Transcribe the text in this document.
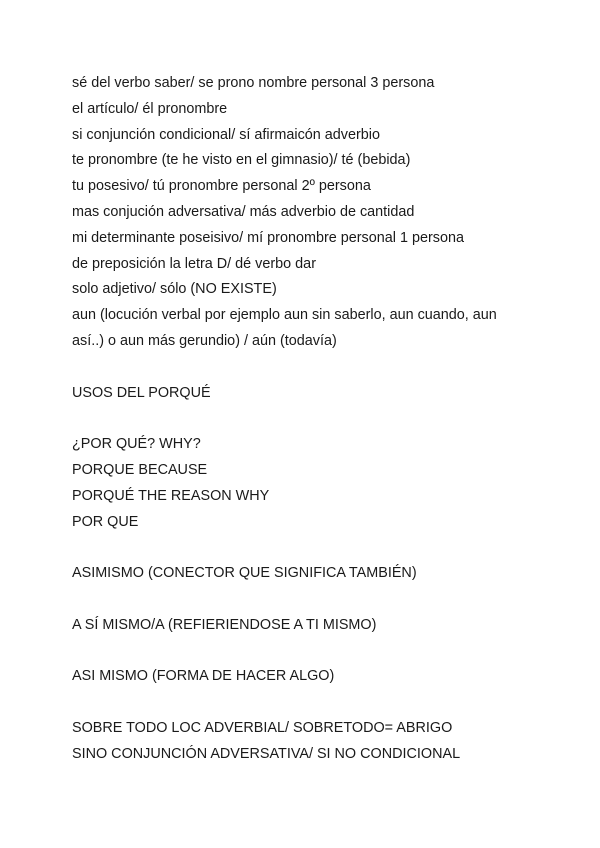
sé del verbo saber/ se prono nombre personal 3 persona
el artículo/ él pronombre
si conjunción condicional/ sí afirmaicón adverbio
te pronombre (te he visto en el gimnasio)/ té (bebida)
tu posesivo/ tú pronombre personal 2º persona
mas conjución adversativa/ más adverbio de cantidad
mi determinante poseisivo/ mí pronombre personal 1 persona
de preposición la letra D/ dé verbo dar
solo adjetivo/ sólo (NO EXISTE)
aun (locución verbal por ejemplo aun sin saberlo, aun cuando, aun
así..) o aun más gerundio) / aún (todavía)
USOS DEL PORQUÉ
¿POR QUÉ? WHY?
PORQUE BECAUSE
PORQUÉ THE REASON WHY
POR QUE
ASIMISMO (CONECTOR QUE SIGNIFICA TAMBIÉN)
A SÍ MISMO/A (REFIERIENDOSE A TI MISMO)
ASI MISMO (FORMA DE HACER ALGO)
SOBRE TODO LOC ADVERBIAL/ SOBRETODO= ABRIGO
SINO CONJUNCIÓN ADVERSATIVA/ SI NO CONDICIONAL
